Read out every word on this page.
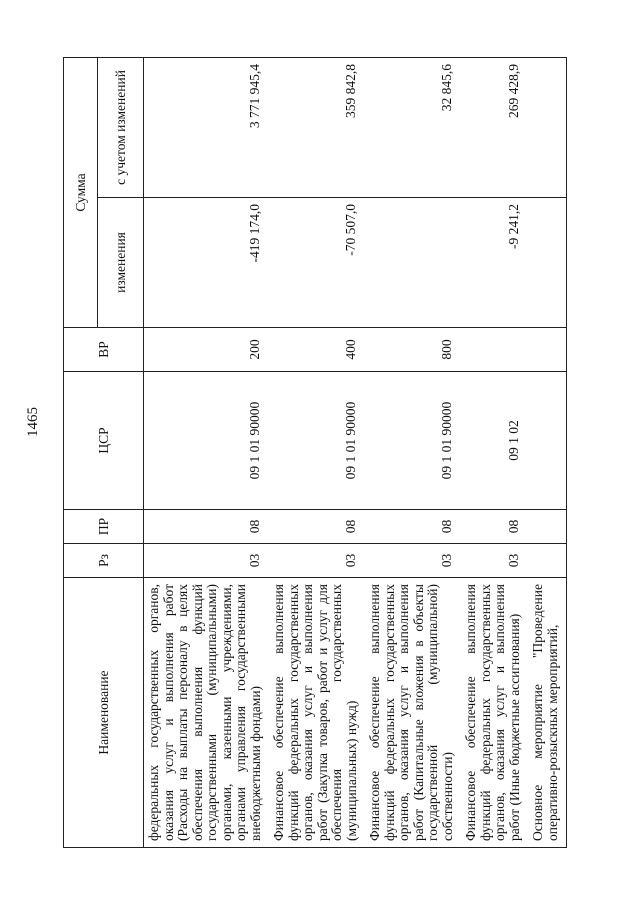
1465
Наименование	Рз	ПР	ЦСР	ВР	Сумма	
					изменения	с учетом изменений
федеральных государственных органов, оказания услуг и выполнения работ (Расходы на выплаты персоналу в целях обеспечения выполнения функций государственными (муниципальными) органами, казенными учреждениями, органами управления государственными внебюджетными фондами)	03	08	09 1 01 90000	200	-419 174,0	3 771 945,4
Финансовое обеспечение выполнения функций федеральных государственных органов, оказания услуг и выполнения работ (Закупка товаров, работ и услуг для обеспечения государственных (муниципальных) нужд)	03	08	09 1 01 90000	400	-70 507,0	359 842,8
Финансовое обеспечение выполнения функций федеральных государственных органов, оказания услуг и выполнения работ (Капитальные вложения в объекты государственной (муниципальной) собственности)	03	08	09 1 01 90000	800		32 845,6
Финансовое обеспечение выполнения функций федеральных государственных органов, оказания услуг и выполнения работ (Иные бюджетные ассигнования)	03	08	09 1 02		-9 241,2	269 428,9
Основное мероприятие "Проведение оперативно-розыскных мероприятий,						
